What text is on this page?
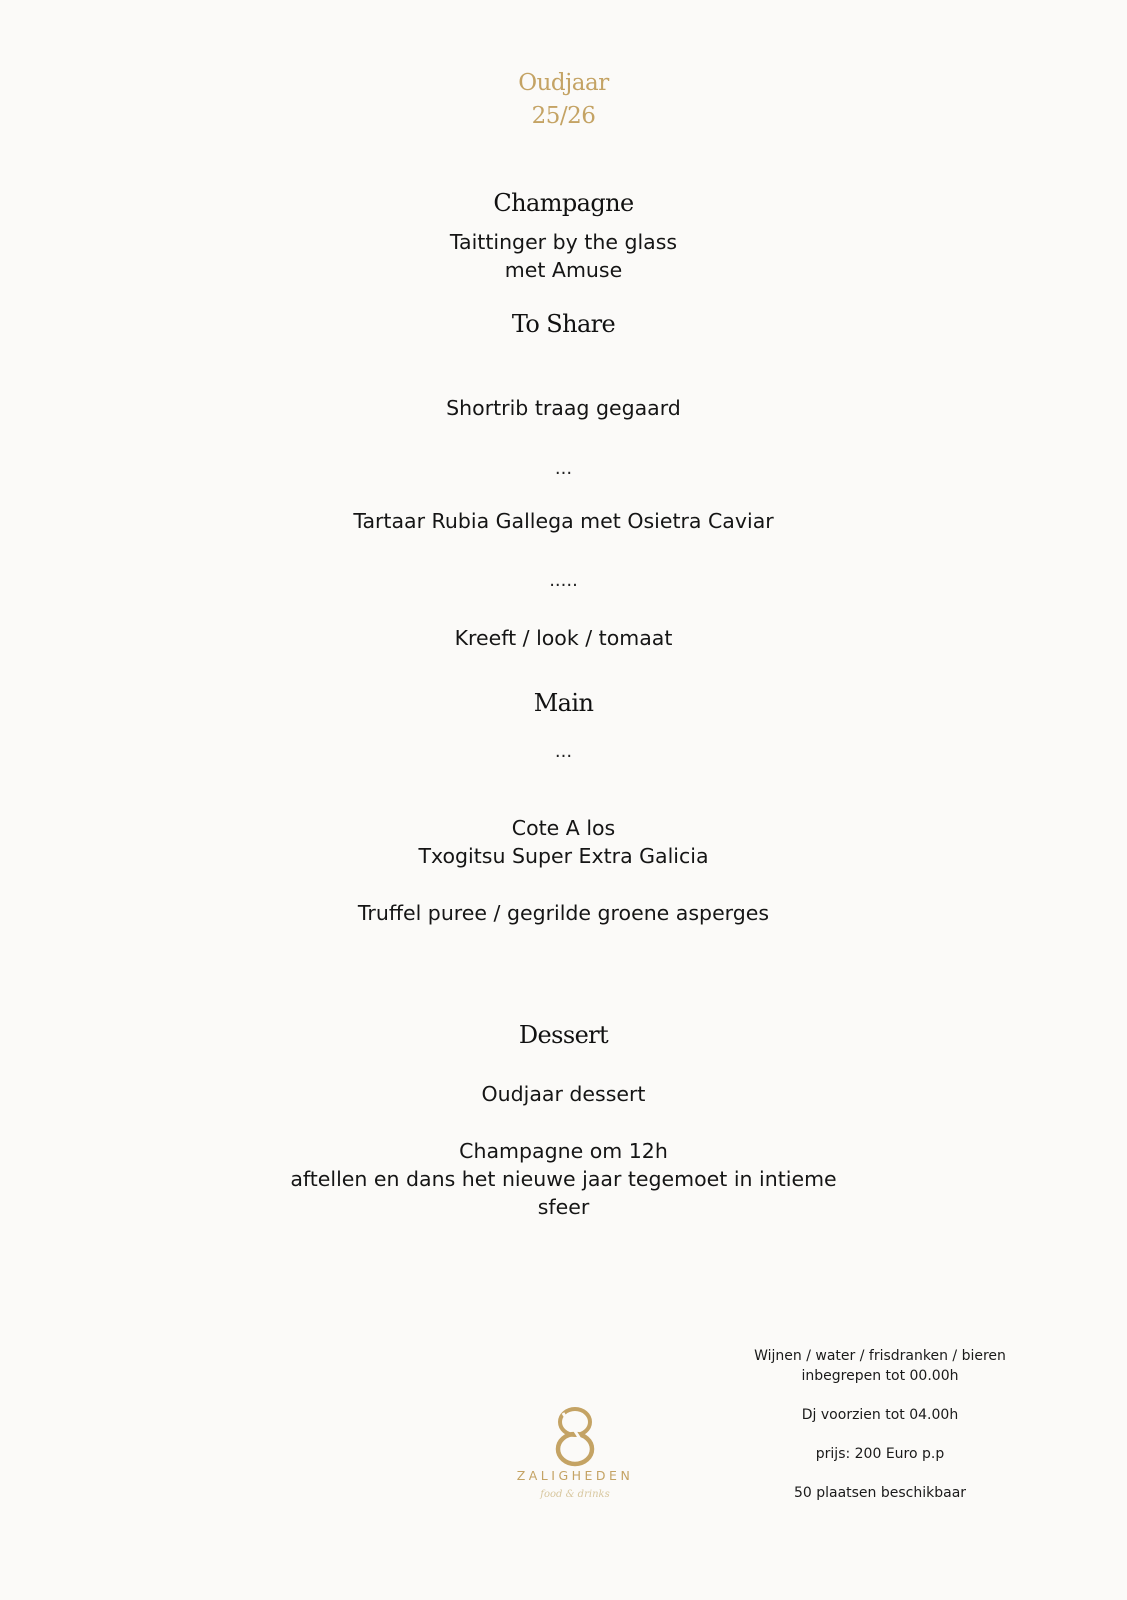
Oudjaar
25/26
Champagne
Taittinger by the glass
met Amuse
To Share
Shortrib traag gegaard
...
Tartaar Rubia Gallega met Osietra Caviar
.....
Kreeft / look / tomaat
Main
...
Cote A los
Txogitsu Super Extra Galicia
Truffel puree / gegrilde groene asperges
Dessert
Oudjaar dessert
Champagne om 12h
aftellen en dans het nieuwe jaar tegemoet in intieme
sfeer
ZALIGHEDEN
food & drinks
Wijnen / water / frisdranken / bieren
inbegrepen tot 00.00h
Dj voorzien tot 04.00h
prijs: 200 Euro p.p
50 plaatsen beschikbaar
